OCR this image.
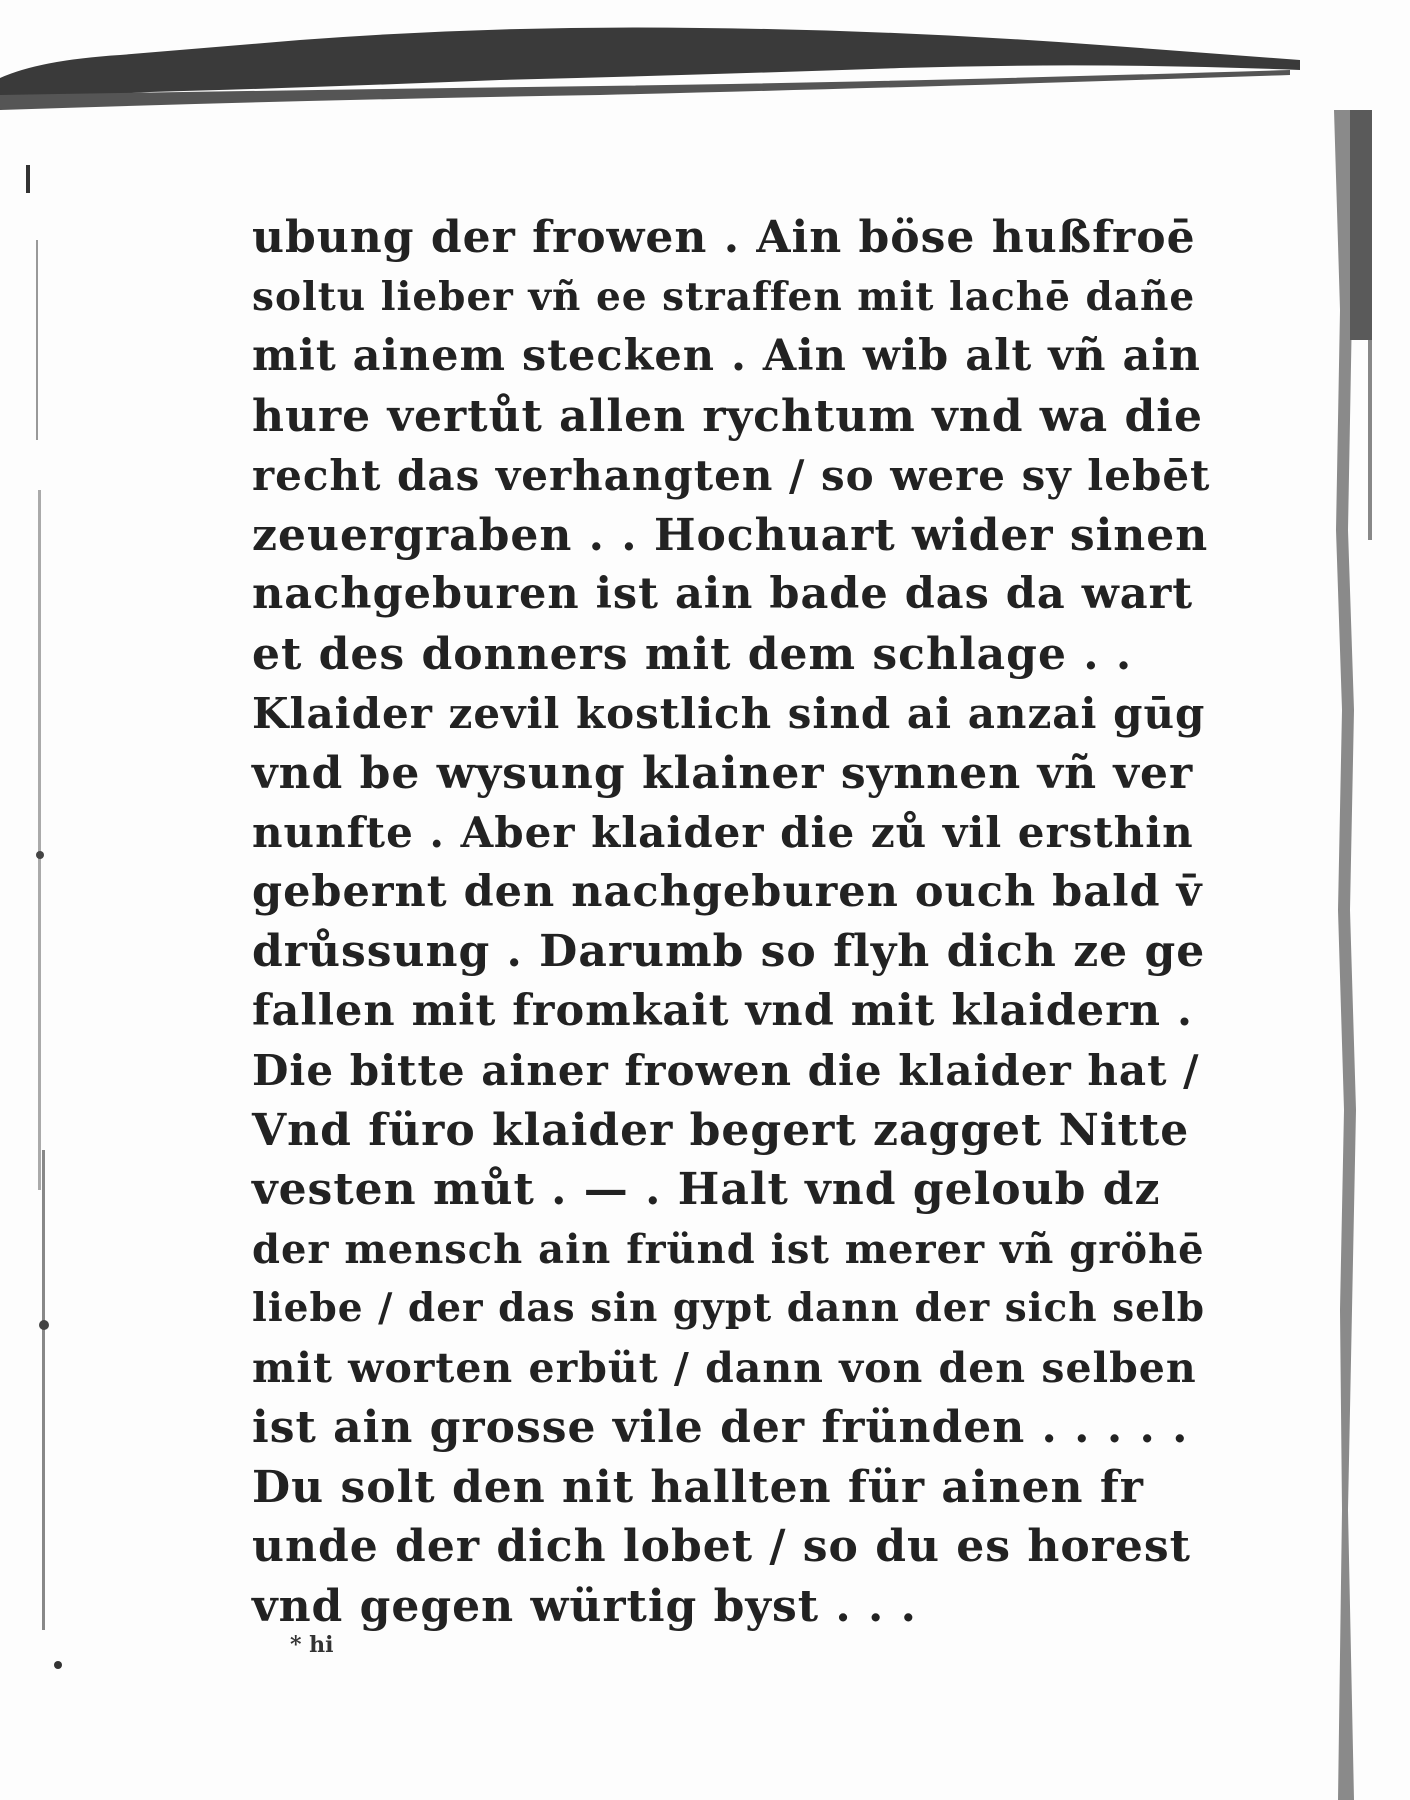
ubung der frowen . Ain böse hußfroē
soltu lieber vñ ee straffen mit lachē dañe
mit ainem stecken . Ain wib alt vñ ain
hure vertůt allen rychtum vnd wa die
recht das verhangten / so were sy lebēt
zeuergraben . . Hochuart wider sinen
nachgeburen ist ain bade das da wart
et des donners mit dem schlage . .
Klaider zevil kostlich sind ai anzai gūg
vnd be wysung klainer synnen vñ ver
nunfte . Aber klaider die zů vil ersthin
gebernt den nachgeburen ouch bald v̄
drůssung . Darumb so flyh dich ze ge
fallen mit fromkait vnd mit klaidern .
Die bitte ainer frowen die klaider hat /
Vnd füro klaider begert zagget Nitte
vesten můt . — . Halt vnd geloub dz
der mensch ain fründ ist merer vñ gröhē
liebe / der das sin gypt dann der sich selb
mit worten erbüt / dann von den selben
ist ain grosse vile der fründen . . . . .
Du solt den nit hallten für ainen fr
unde der dich lobet / so du es horest
vnd gegen würtig byst . . .
* hi
